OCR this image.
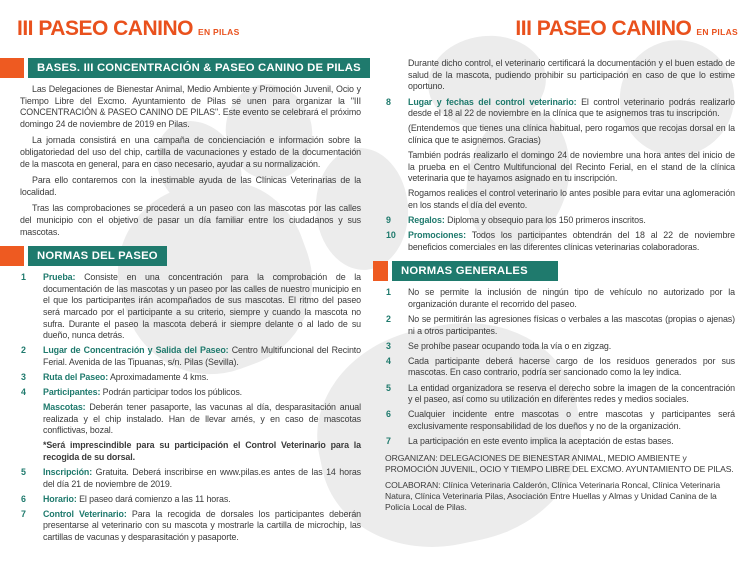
III PASEO CANINO EN PILAS	III PASEO CANINO EN PILAS
BASES. III CONCENTRACIÓN & PASEO CANINO DE PILAS

Las Delegaciones de Bienestar Animal, Medio Ambiente y Promoción Juvenil, Ocio y Tiempo Libre del Excmo. Ayuntamiento de Pilas se unen para organizar la "III CONCENTRACIÓN & PASEO CANINO DE PILAS". Este evento se celebrará el próximo domingo 24 de noviembre de 2019 en Pilas.

La jornada consistirá en una campaña de concienciación e información sobre la obligatoriedad del uso del chip, cartilla de vacunaciones y estado de la documentación de la mascota en general, para en caso necesario, ayudar a su normalización.

Para ello contaremos con la inestimable ayuda de las Clínicas Veterinarias de la localidad.

Tras las comprobaciones se procederá a un paseo con las mascotas por las calles del municipio con el objetivo de pasar un día familiar entre los ciudadanos y sus mascotas.

NORMAS DEL PASEO
1	Prueba: Consiste en una concentración para la comprobación de la documentación de las mascotas y un paseo por las calles de nuestro municipio en el que los participantes irán acompañados de sus mascotas. El ritmo del paseo será marcado por el participante a su criterio, siempre y cuando la mascota no sufra. Durante el paseo la mascota deberá ir siempre delante o al lado de su dueño, nunca detrás.
2	Lugar de Concentración y Salida del Paseo: Centro Multifuncional del Recinto Ferial. Avenida de las Tipuanas, s/n. Pilas (Sevilla).
3	Ruta del Paseo: Aproximadamente 4 kms.
4	Participantes: Podrán participar todos los públicos.
Mascotas: Deberán tener pasaporte, las vacunas al día, desparasitación anual realizada y el chip instalado. Han de llevar arnés, y en caso de mascotas conflictivas, bozal.
*Será imprescindible para su participación el Control Veterinario para la recogida de su dorsal.
5	Inscripción: Gratuita. Deberá inscribirse en www.pilas.es antes de las 14 horas del día 21 de noviembre de 2019.
6	Horario: El paseo dará comienzo a las 11 horas.
7	Control Veterinario: Para la recogida de dorsales los participantes deberán presentarse al veterinario con su mascota y mostrarle la cartilla de microchip, las cartillas de vacunas y desparasitación y pasaporte.
Durante dicho control, el veterinario certificará la documentación y el buen estado de salud de la mascota, pudiendo prohibir su participación en caso de que lo estime oportuno.
8	Lugar y fechas del control veterinario: El control veterinario podrás realizarlo desde el 18 al 22 de noviembre en la clínica que te asignemos tras tu inscripción.
(Entendemos que tienes una clínica habitual, pero rogamos que recojas dorsal en la clínica que te asignemos. Gracias)
También podrás realizarlo el domingo 24 de noviembre una hora antes del inicio de la prueba en el Centro Multifuncional del Recinto Ferial, en el stand de la clínica veterinaria que te hayamos asignado en tu inscripción.
Rogamos realices el control veterinario lo antes posible para evitar una aglomeración en los stands el día del evento.
9	Regalos: Diploma y obsequio para los 150 primeros inscritos.
10	Promociones: Todos los participantes obtendrán del 18 al 22 de noviembre beneficios comerciales en las diferentes clínicas veterinarias colaboradoras.
NORMAS GENERALES
1	No se permite la inclusión de ningún tipo de vehículo no autorizado por la organización durante el recorrido del paseo.
2	No se permitirán las agresiones físicas o verbales a las mascotas (propias o ajenas) ni a otros participantes.
3	Se prohíbe pasear ocupando toda la vía o en zigzag.
4	Cada participante deberá hacerse cargo de los residuos generados por sus mascotas. En caso contrario, podría ser sancionado como la ley indica.
5	La entidad organizadora se reserva el derecho sobre la imagen de la concentración y el paseo, así como su utilización en diferentes redes y medios sociales.
6	Cualquier incidente entre mascotas o entre mascotas y participantes será exclusivamente responsabilidad de los dueños y no de la organización.
7	La participación en este evento implica la aceptación de estas bases.

ORGANIZAN: DELEGACIONES DE BIENESTAR ANIMAL, MEDIO AMBIENTE y PROMOCIÓN JUVENIL, OCIO Y TIEMPO LIBRE DEL EXCMO. AYUNTAMIENTO DE PILAS.

COLABORAN: Clínica Veterinaria Calderón, Clínica Veterinaria Roncal, Clínica Veterinaria Natura, Clínica Veterinaria Pilas, Asociación Entre Huellas y Almas y Unidad Canina de la Policía Local de Pilas.
